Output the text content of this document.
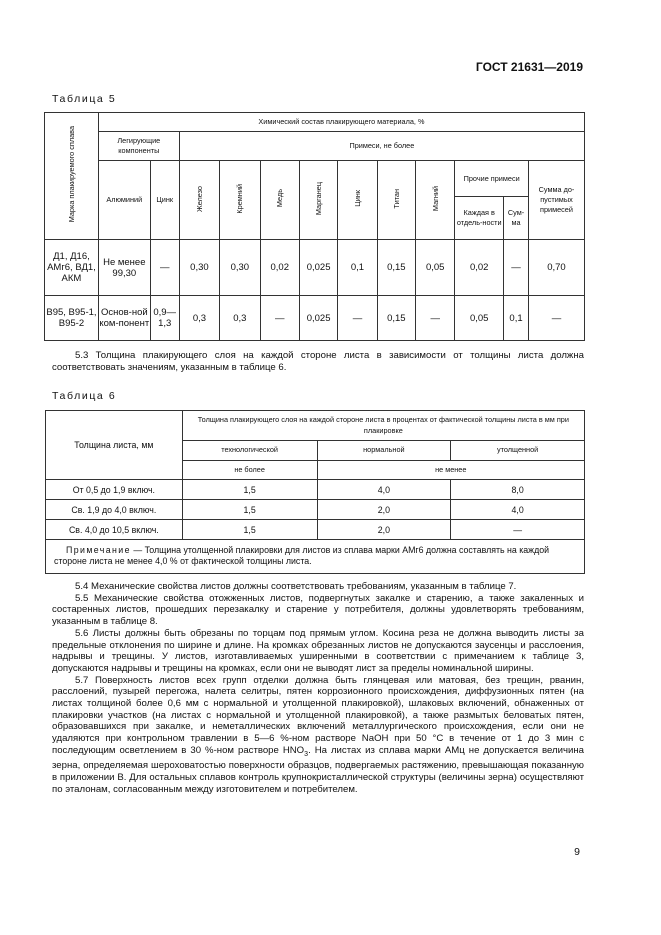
ГОСТ 21631—2019
Таблица 5
Марка плакируемого сплава	Химический состав плакирующего материала, %											
	Легирующие компоненты		Примеси, не более									
	Алюминий	Цинк	Железо	Кремний	Медь	Марганец	Цинк	Титан	Магний	Прочие примеси		Сумма до-пустимых примесей
										Каждая в отдель-ности	Сум-ма	
Д1, Д16, АМг6, ВД1, АКМ	Не менее 99,30	—	0,30	0,30	0,02	0,025	0,1	0,15	0,05	0,02	—	0,70
В95, В95-1, В95-2	Основ-ной ком-понент	0,9—1,3	0,3	0,3	—	0,025	—	0,15	—	0,05	0,1	—

5.3 Толщина плакирующего слоя на каждой стороне листа в зависимости от толщины листа должна соответствовать значениям, указанным в таблице 6.

Таблица 6
Толщина листа, мм	Толщина плакирующего слоя на каждой стороне листа в процентах от фактической толщины листа в мм при плакировке		
	технологической	нормальной	утолщенной
	не более	не менее	
От 0,5 до 1,9 включ.	1,5	4,0	8,0
Св. 1,9 до 4,0 включ.	1,5	2,0	4,0
Св. 4,0 до 10,5 включ.	1,5	2,0	—

Примечание — Толщина утолщенной плакировки для листов из сплава марки АМг6 должна составлять на каждой стороне листа не менее 4,0 % от фактической толщины листа.			

5.4 Механические свойства листов должны соответствовать требованиям, указанным в таблице 7.

5.5 Механические свойства отожженных листов, подвергнутых закалке и старению, а также закаленных и состаренных листов, прошедших перезакалку и старение у потребителя, должны удовлетворять требованиям, указанным в таблице 8.

5.6 Листы должны быть обрезаны по торцам под прямым углом. Косина реза не должна выводить листы за предельные отклонения по ширине и длине. На кромках обрезанных листов не допускаются заусенцы и расслоения, надрывы и трещины. У листов, изготавливаемых уширенными в соответствии с примечанием к таблице 3, допускаются надрывы и трещины на кромках, если они не выводят лист за пределы номинальной ширины.

5.7 Поверхность листов всех групп отделки должна быть глянцевая или матовая, без трещин, рванин, расслоений, пузырей перегожа, налета селитры, пятен коррозионного происхождения, диффузионных пятен (на листах толщиной более 0,6 мм с нормальной и утолщенной плакировкой), шлаковых включений, обнаженных от плакировки участков (на листах с нормальной и утолщенной плакировкой), а также размытых беловатых пятен, образовавшихся при закалке, и неметаллических включений металлургического происхождения, если они не удаляются при контрольном травлении в 5—6 %-ном растворе NaOH при 50 °C в течение от 1 до 3 мин с последующим осветлением в 30 %-ном растворе $HNO_3$. На листах из сплава марки АМц не допускается величина зерна, определяемая шероховатостью поверхности образцов, подвергаемых растяжению, превышающая показанную в приложении В. Для остальных сплавов контроль крупнокристаллической структуры (величины зерна) осуществляют по эталонам, согласованным между изготовителем и потребителем.

9
